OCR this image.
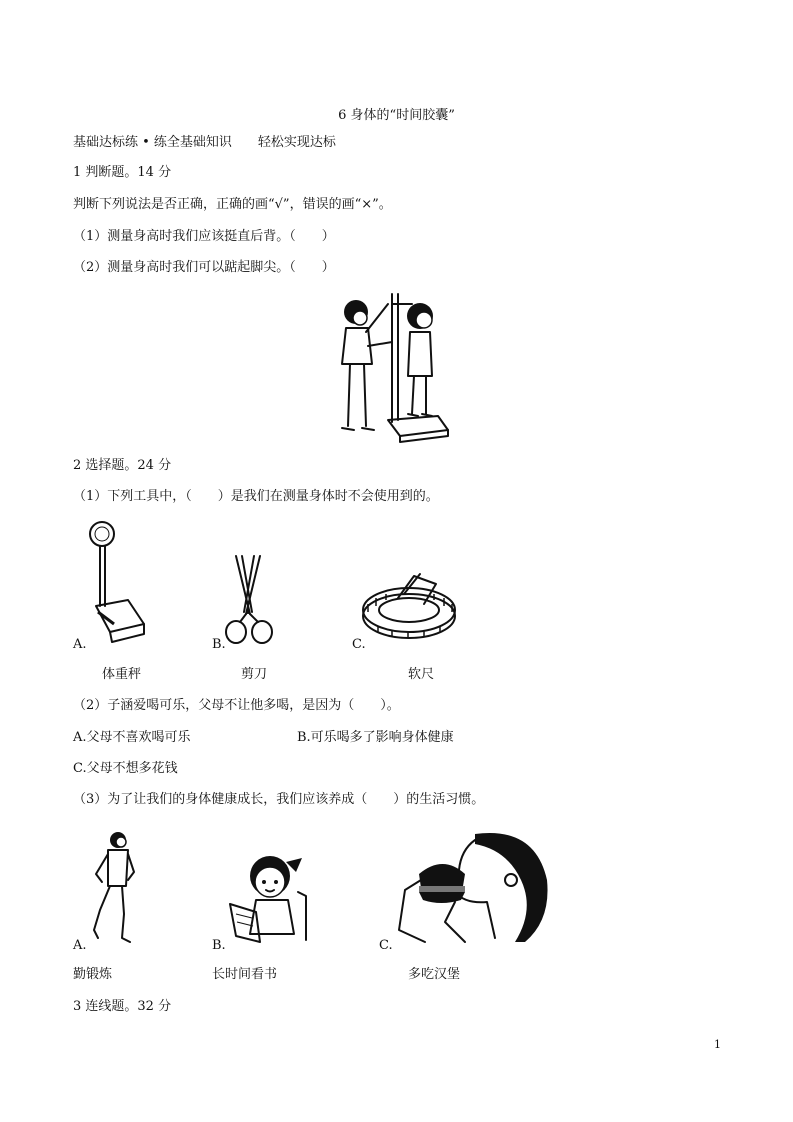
6 身体的“时间胶囊”
基础达标练 • 练全基础知识　　轻松实现达标
1 判断题。14 分
判断下列说法是否正确，正确的画“√”，错误的画“×”。
（1）测量身高时我们应该挺直后背。（　　）
（2）测量身高时我们可以踮起脚尖。（　　）
2 选择题。24 分
（1）下列工具中，（　　）是我们在测量身体时不会使用到的。
A.
体重秤
B.
剪刀
C.
软尺
（2）子涵爱喝可乐，父母不让他多喝，是因为（　　）。
A.父母不喜欢喝可乐	B.可乐喝多了影响身体健康
C.父母不想多花钱
（3）为了让我们的身体健康成长，我们应该养成（　　）的生活习惯。
A.
勤锻炼
B.
长时间看书
C.
多吃汉堡
3 连线题。32 分
1
